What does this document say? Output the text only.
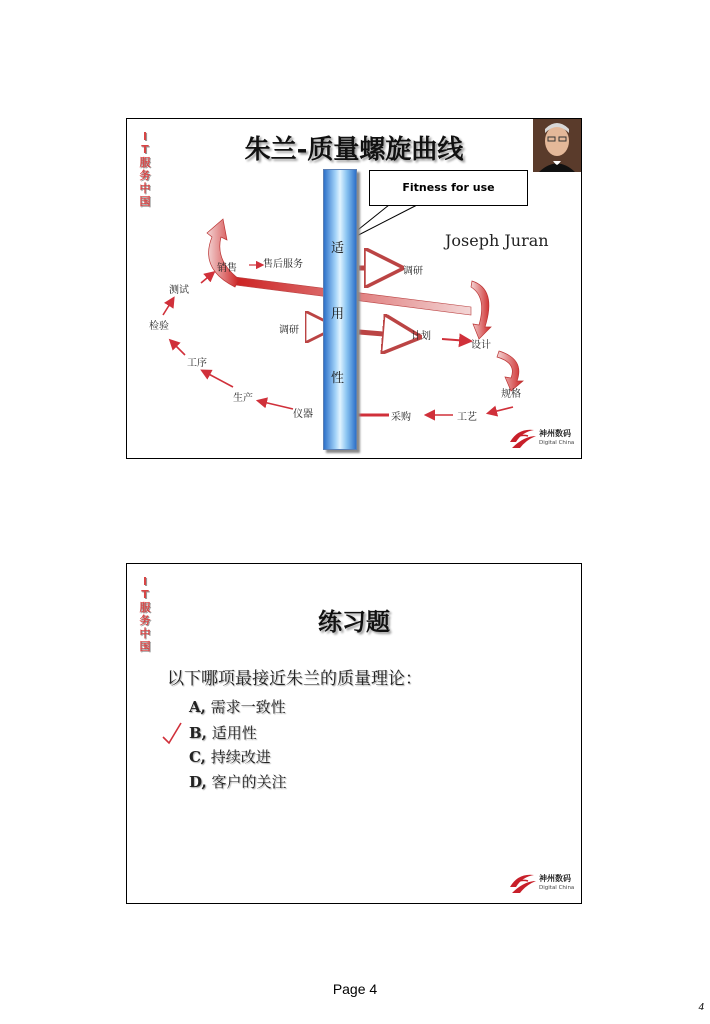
I
T
服
务
中
国
朱兰-质量螺旋曲线
适
用
性
Fitness for use
Joseph Juran
销售	售后服务
调研
测试
检验	调研
计划
设计
工序
规格
生产
仪器	采购	工艺
神州数码
Digital China
I
T
服
务
中
国
练习题
以下哪项最接近朱兰的质量理论：
A, 需求一致性
B, 适用性
C, 持续改进
D, 客户的关注
神州数码
Digital China
Page 4
4
